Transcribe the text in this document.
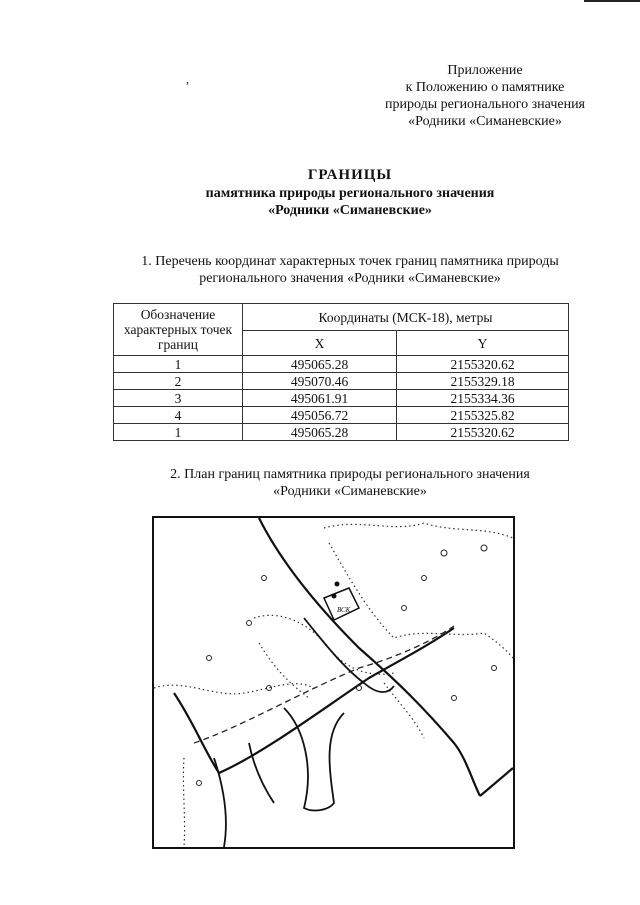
,
Приложение
к Положению о памятнике
природы регионального значения
«Родники «Симаневские»
ГРАНИЦЫ
памятника природы регионального значения
«Родники «Симаневские»
1. Перечень координат характерных точек границ памятника природы
регионального значения «Родники «Симаневские»
Обозначение характерных точек границ	Координаты (МСК-18), метры	
	X	Y
1	495065.28	2155320.62
2	495070.46	2155329.18
3	495061.91	2155334.36
4	495056.72	2155325.82
1	495065.28	2155320.62
2. План границ памятника природы регионального значения
«Родники «Симаневские»
ВСК
